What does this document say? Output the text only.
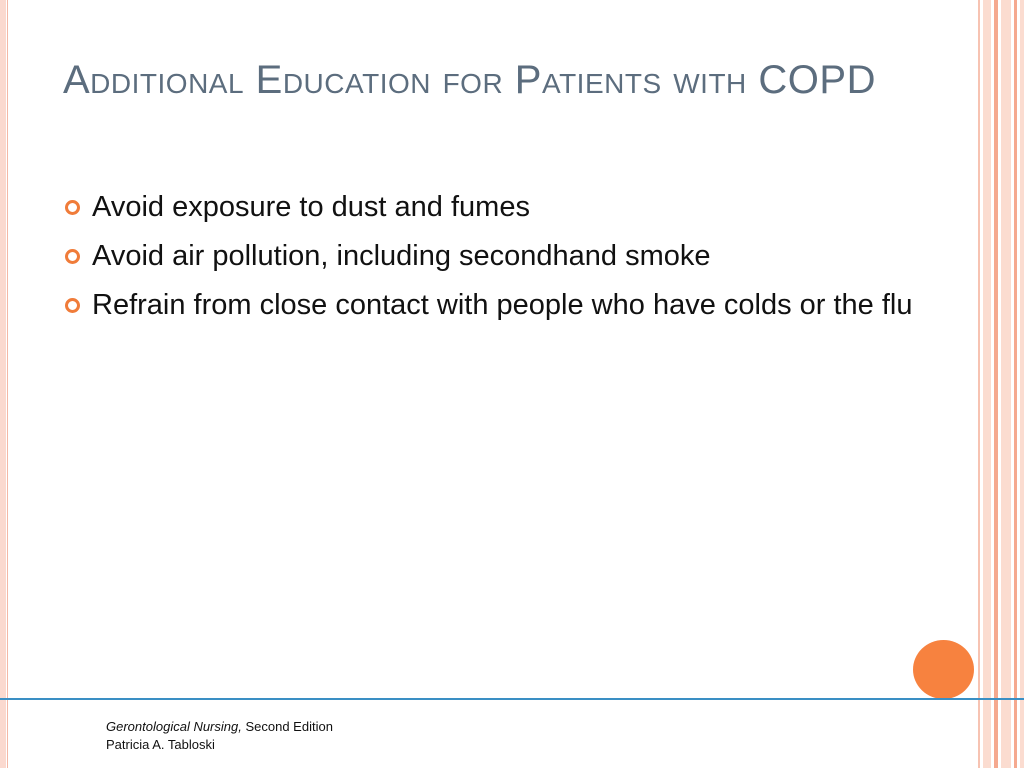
Additional Education for Patients with COPD
Avoid exposure to dust and fumes
Avoid air pollution, including secondhand smoke
Refrain from close contact with people who have colds or the flu
Gerontological Nursing, Second Edition
Patricia A. Tabloski
